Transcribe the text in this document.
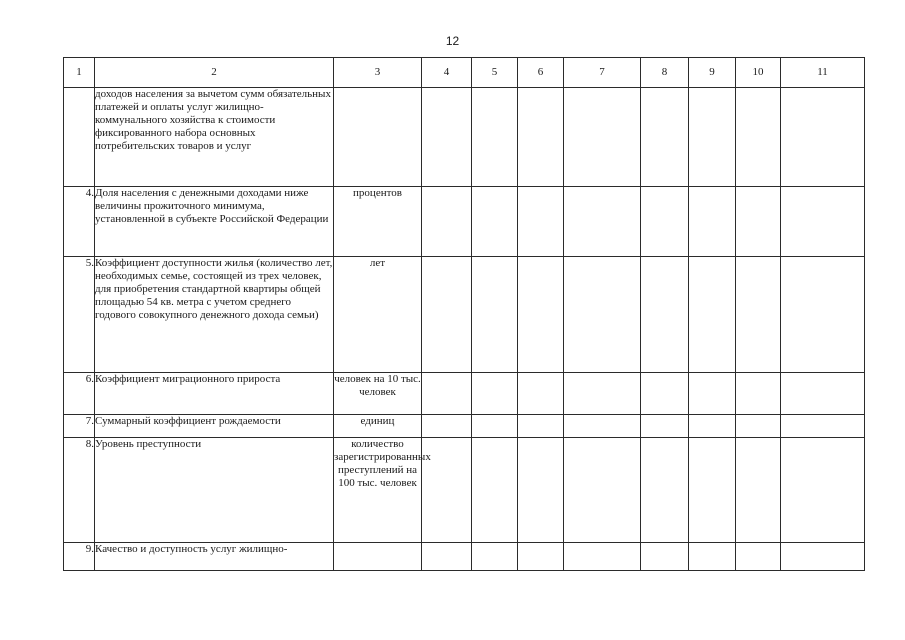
12
1	2	3	4	5	6	7	8	9	10	11
	доходов населения за вычетом сумм обязательных платежей и оплаты услуг жилищно-коммунального хозяйства к стоимости фиксированного набора основных потребительских товаров и услуг									
4.	Доля населения с денежными доходами ниже величины прожиточного минимума, установленной в субъекте Российской Федерации	процентов								
5.	Коэффициент доступности жилья (количество лет, необходимых семье, состоящей из трех человек, для приобретения стандартной квартиры общей площадью 54 кв. метра с учетом среднего годового совокупного денежного дохода семьи)	лет								
6.	Коэффициент миграционного прироста	человек на 10 тыс. человек								
7.	Суммарный коэффициент рождаемости	единиц								
8.	Уровень преступности	количество зарегистрированных преступлений на 100 тыс. человек								
9.	Качество и доступность услуг жилищно-									
